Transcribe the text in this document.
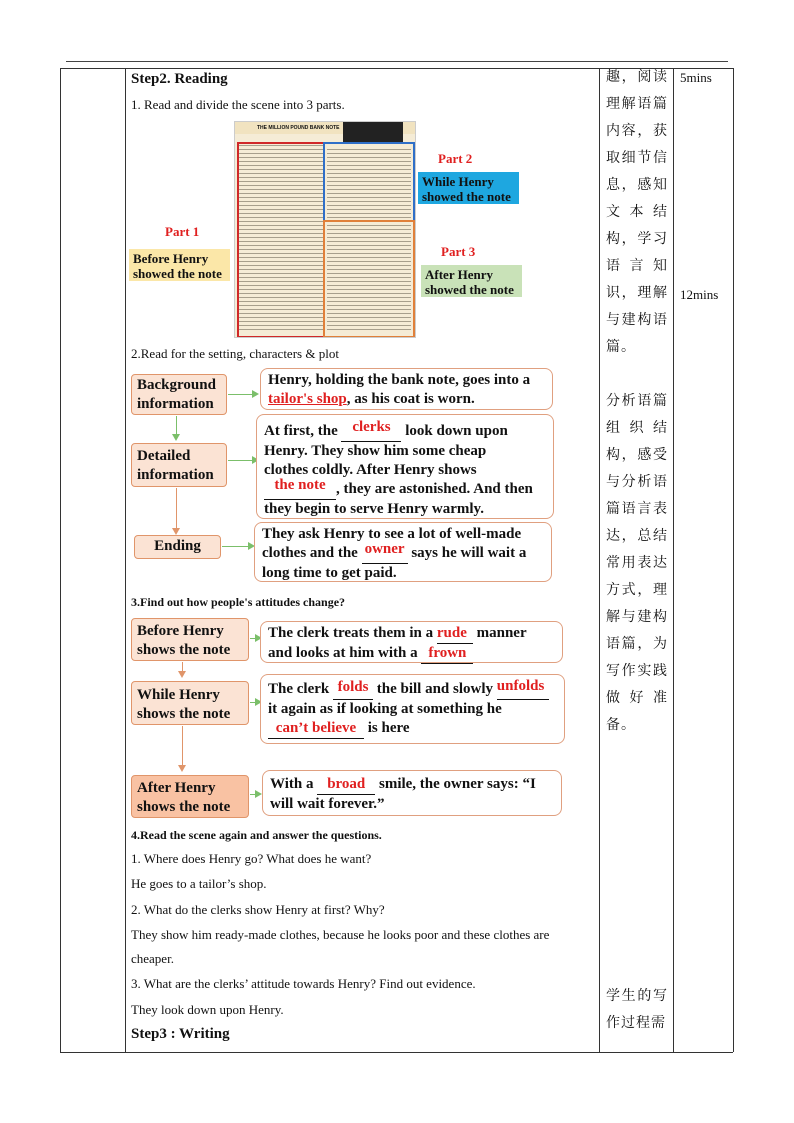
Step2. Reading
1. Read and divide the scene into 3 parts.
THE MILLION POUND BANK NOTE
Part 1
Before Henry
showed the note
Part 2
While Henry
showed the note
Part 3
After Henry
showed the note
2.Read for the setting, characters & plot
Background
information
Henry, holding the bank note, goes into a
tailor's shop, as his coat is worn.
Detailed
information
At first, the clerks look down upon
Henry. They show him some cheap
clothes coldly. After Henry shows
the note , they are astonished. And then
they begin to serve Henry warmly.
Ending
They ask Henry to see a lot of well-made
clothes and the owner says he will wait a
long time to get paid.
3.Find out how people's attitudes change?
Before Henry
shows the note
The clerk treats them in a rude manner
and looks at him with a frown
While Henry
shows the note
The clerk folds the bill and slowly unfolds
it again as if looking at something he
can’t believe is here
After Henry
shows the note
With a broad smile, the owner says: “I
will wait forever.”
4.Read the scene again and answer the questions.
1. Where does Henry go? What does he want?
He goes to a tailor’s shop.
2. What do the clerks show Henry at first? Why?
They show him ready-made clothes, because he looks poor and these clothes are
cheaper.
3. What are the clerks’ attitude towards Henry? Find out evidence.
They look down upon Henry.
Step3 : Writing
趣，阅读理解语篇内容，获取细节信息，感知文本结构，学习语言知识，理解与建构语篇。
分析语篇组织结构，感受与分析语篇语言表达，总结常用表达方式，理解与建构语篇，为写作实践做好准备。
学生的写作过程需
5mins
12mins
